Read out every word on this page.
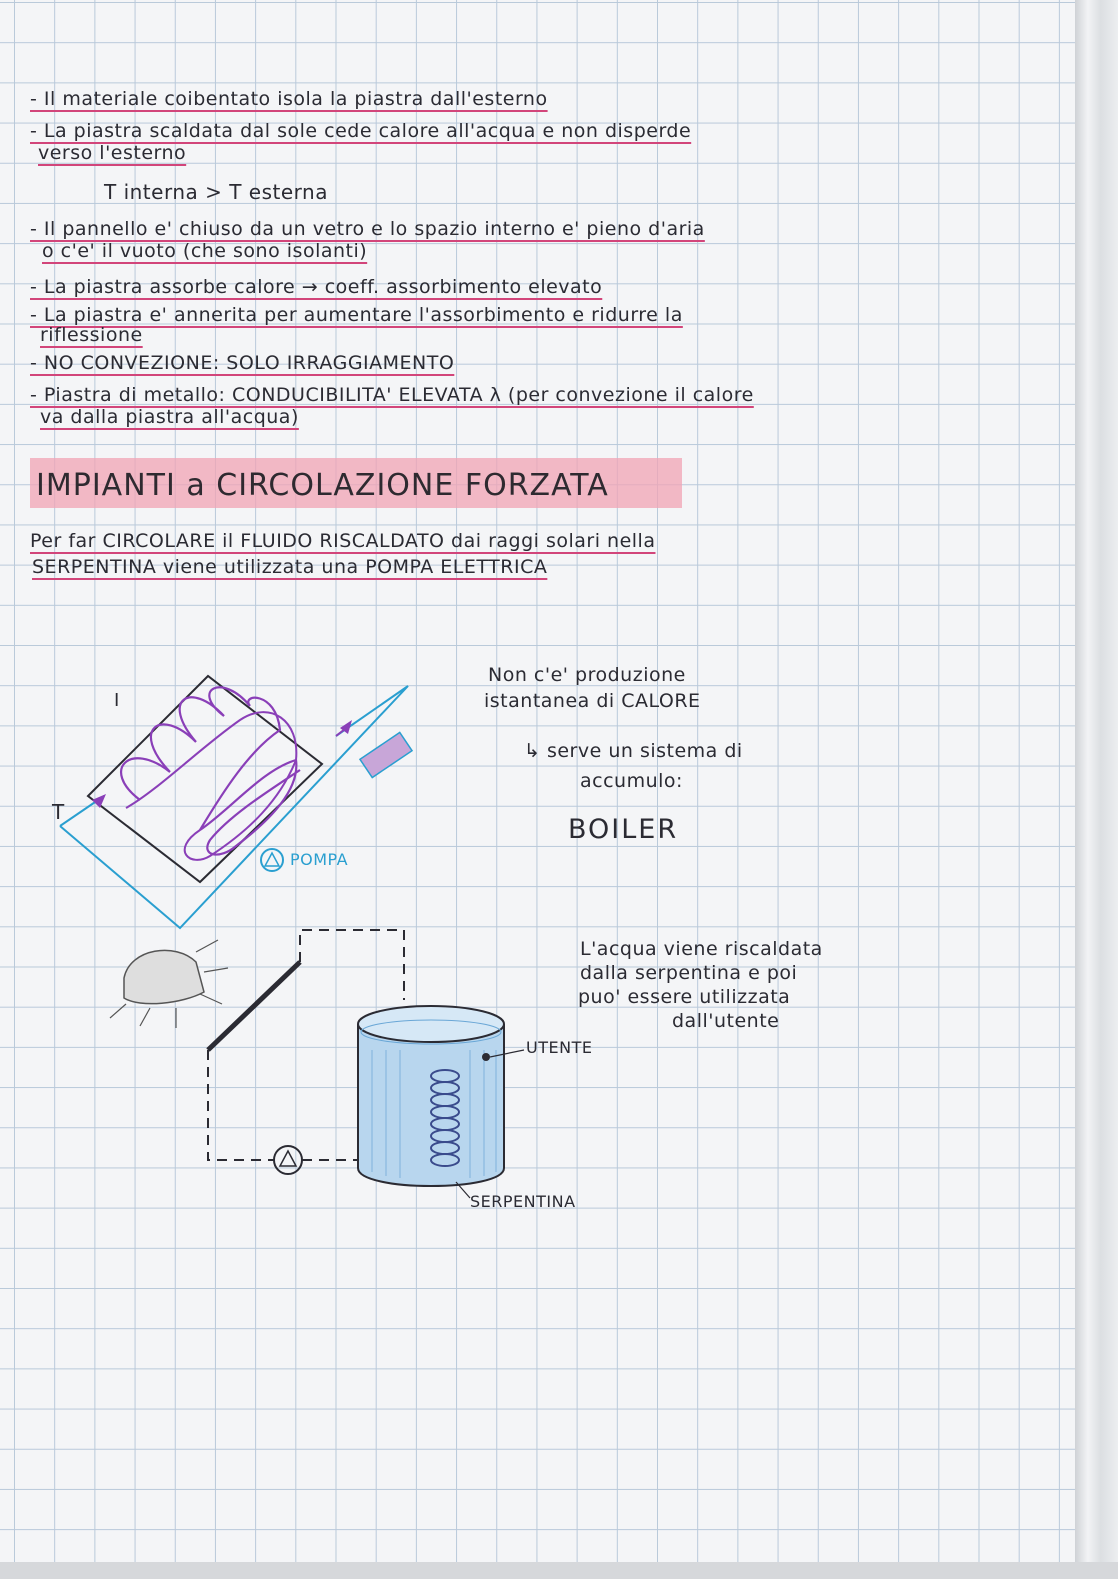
- Il materiale coibentato isola la piastra dall'esterno

- La piastra scaldata dal sole cede calore all'acqua e non disperde

verso l'esterno

T interna > T esterna

- Il pannello e' chiuso da un vetro e lo spazio interno e' pieno d'aria

o c'e' il vuoto (che sono isolanti)

- La piastra assorbe calore → coeff. assorbimento elevato

- La piastra e' annerita per aumentare l'assorbimento e ridurre la

riflessione

- NO CONVEZIONE: SOLO IRRAGGIAMENTO

- Piastra di metallo: CONDUCIBILITA' ELEVATA λ (per convezione il calore

va dalla piastra all'acqua)

IMPIANTI a CIRCOLAZIONE FORZATA

Per far CIRCOLARE il FLUIDO RISCALDATO dai raggi solari nella

SERPENTINA viene utilizzata una POMPA ELETTRICA

I

T

POMPA

Non c'e' produzione

istantanea di CALORE

↳ serve un sistema di

accumulo:

BOILER

L'acqua viene riscaldata

dalla serpentina e poi

puo' essere utilizzata

dall'utente

UTENTE

SERPENTINA
